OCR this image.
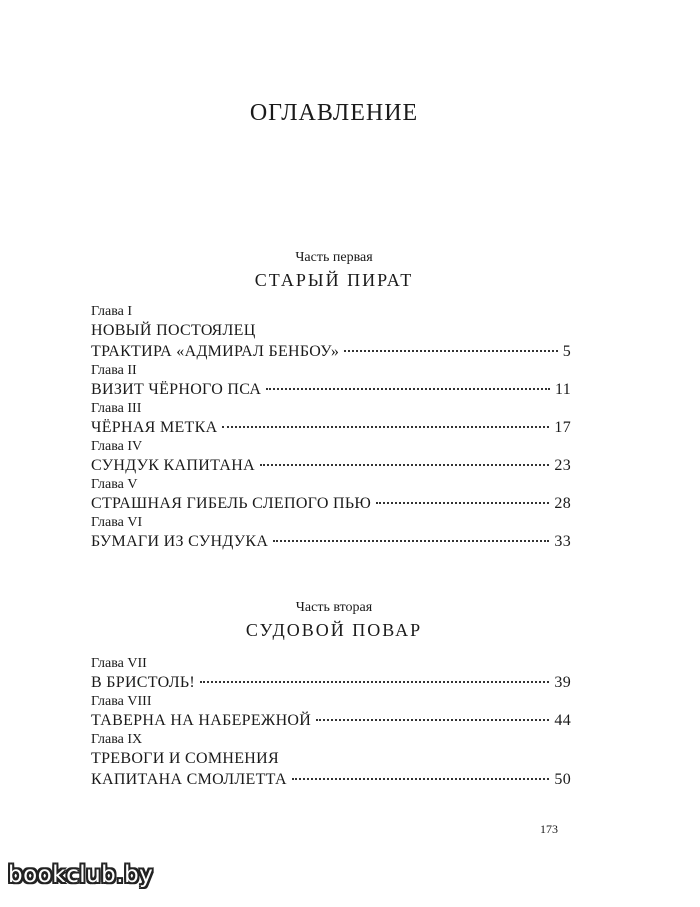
ОГЛАВЛЕНИЕ
Часть первая
СТАРЫЙ ПИРАТ
Глава I
НОВЫЙ ПОСТОЯЛЕЦ
ТРАКТИРА «АДМИРАЛ БЕНБОУ»	5
Глава II
ВИЗИТ ЧЁРНОГО ПСА	11
Глава III
ЧЁРНАЯ МЕТКА	17
Глава IV
СУНДУК КАПИТАНА	23
Глава V
СТРАШНАЯ ГИБЕЛЬ СЛЕПОГО ПЬЮ	28
Глава VI
БУМАГИ ИЗ СУНДУКА	33
Часть вторая
СУДОВОЙ ПОВАР
Глава VII
В БРИСТОЛЬ!	39
Глава VIII
ТАВЕРНА НА НАБЕРЕЖНОЙ	44
Глава IX
ТРЕВОГИ И СОМНЕНИЯ
КАПИТАНА СМОЛЛЕТТА	50
173
bookclub.by
